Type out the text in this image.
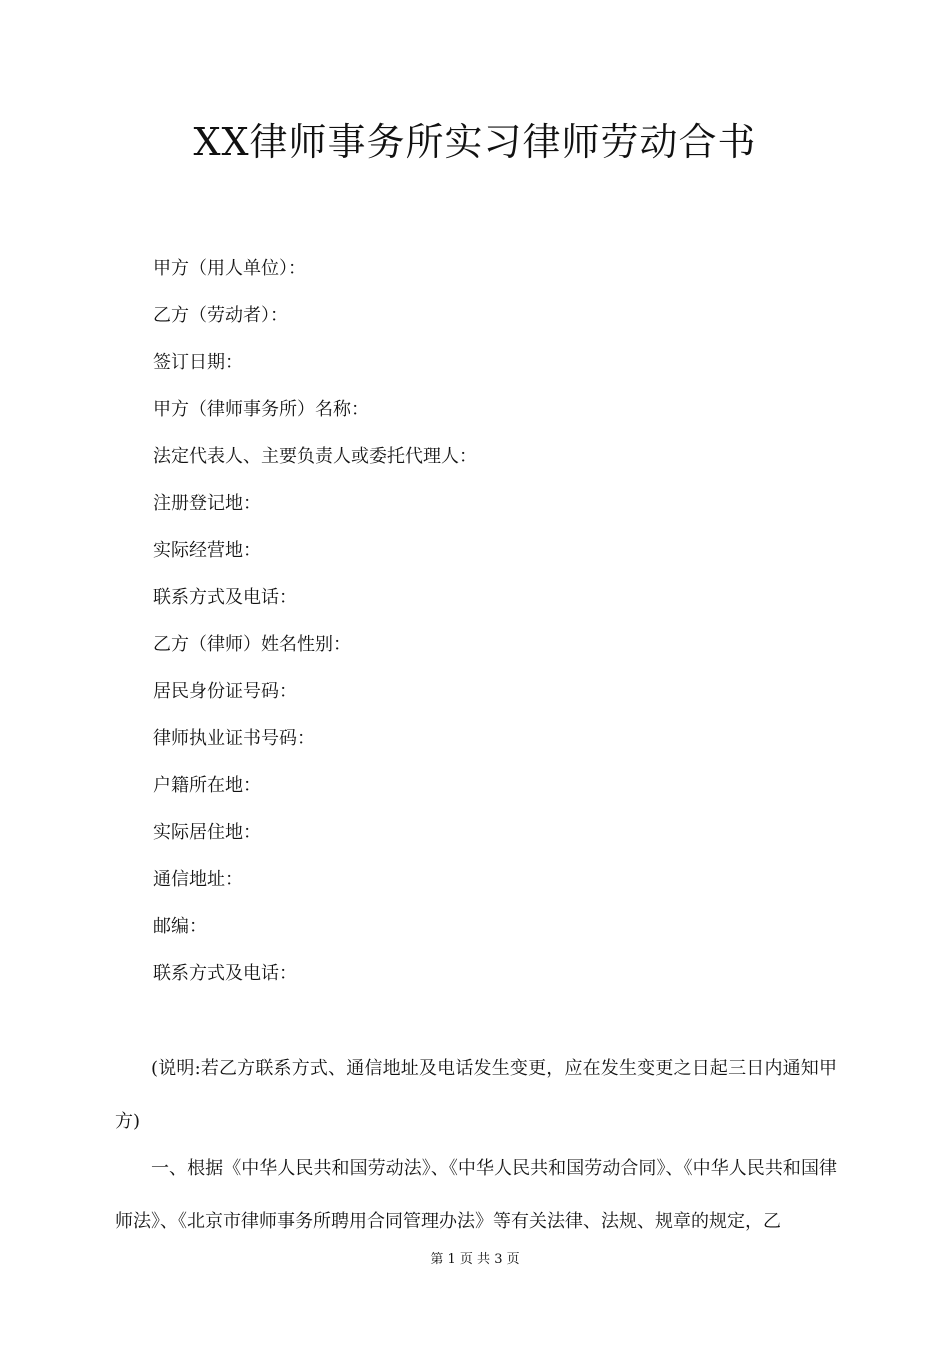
XX律师事务所实习律师劳动合书
甲方（用人单位）：
乙方（劳动者）：
签订日期：
甲方（律师事务所）名称：
法定代表人、主要负责人或委托代理人：
注册登记地：
实际经营地：
联系方式及电话：
乙方（律师）姓名性别：
居民身份证号码：
律师执业证书号码：
户籍所在地：
实际居住地：
通信地址：
邮编：
联系方式及电话：

(说明:若乙方联系方式、通信地址及电话发生变更，应在发生变更之日起三日内通知甲方)

一、根据《中华人民共和国劳动法》、《中华人民共和国劳动合同》、《中华人民共和国律师法》、《北京市律师事务所聘用合同管理办法》等有关法律、法规、规章的规定，乙

第 1 页 共 3 页
